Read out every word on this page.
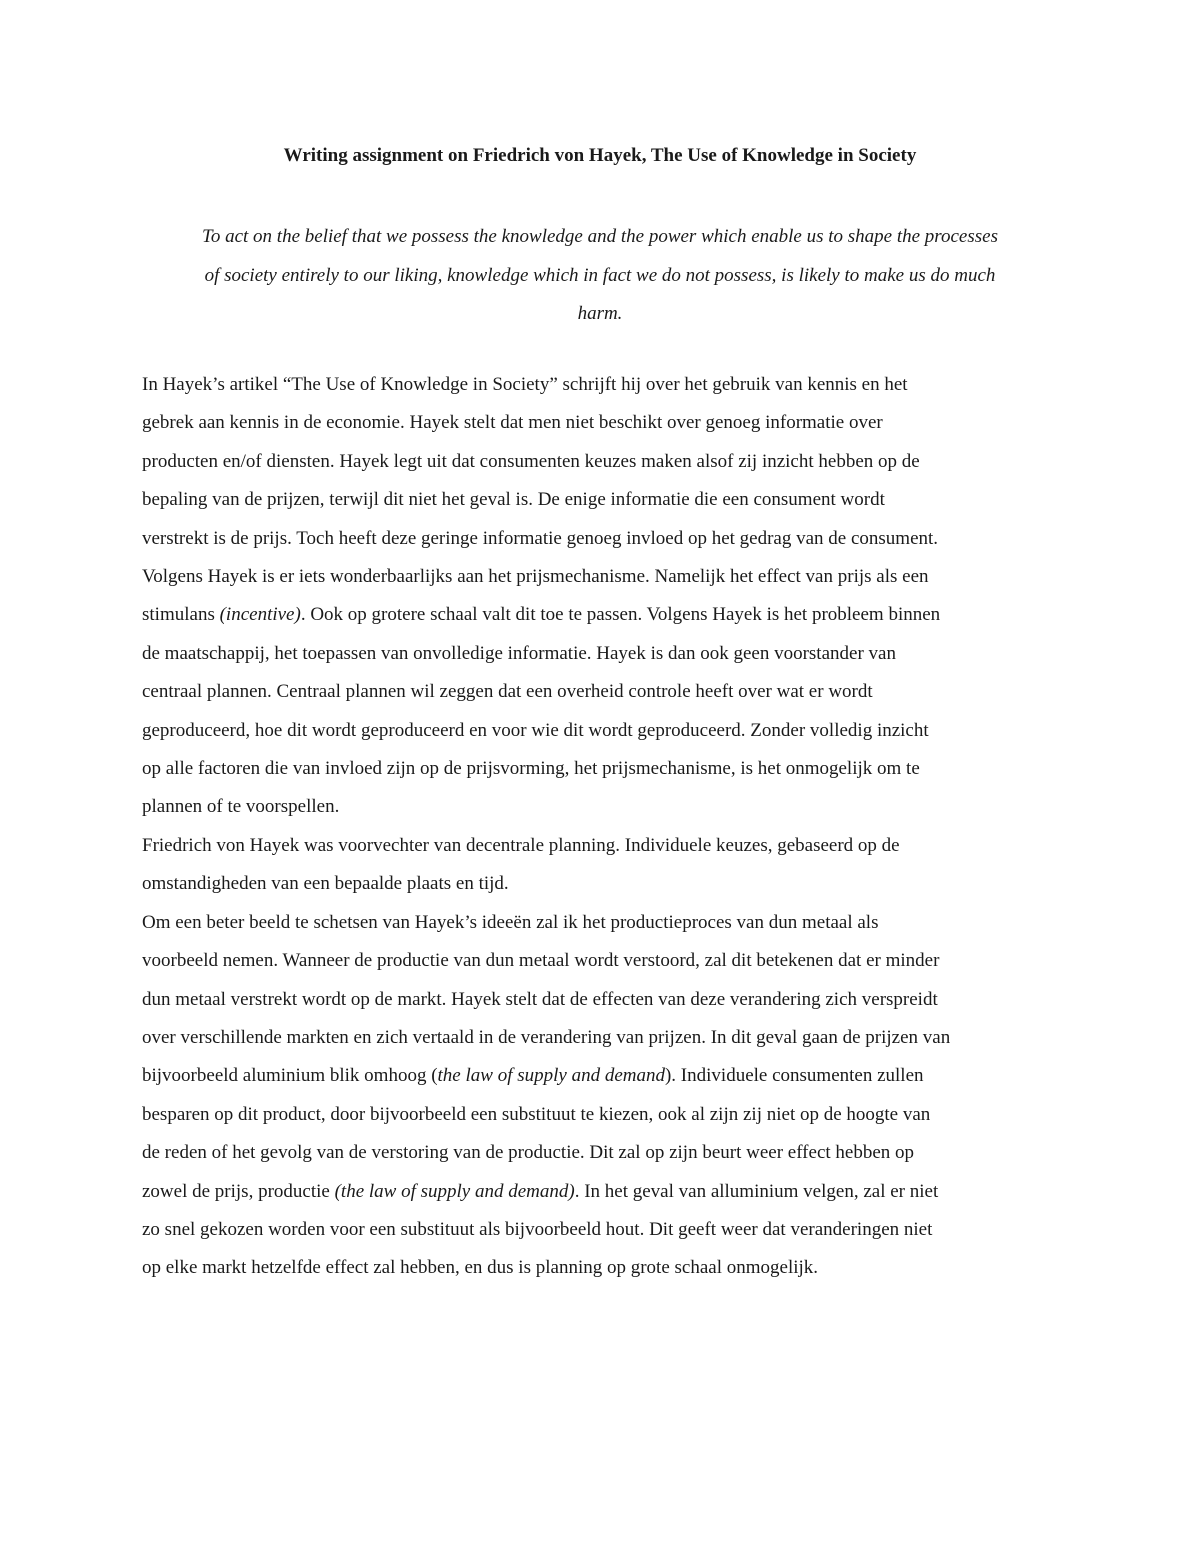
Writing assignment on Friedrich von Hayek, The Use of Knowledge in Society
To act on the belief that we possess the knowledge and the power which enable us to shape the processes
of society entirely to our liking, knowledge which in fact we do not possess, is likely to make us do much
harm.
In Hayek’s artikel “The Use of Knowledge in Society” schrijft hij over het gebruik van kennis en het
gebrek aan kennis in de economie. Hayek stelt dat men niet beschikt over genoeg informatie over
producten en/of diensten. Hayek legt uit dat consumenten keuzes maken alsof zij inzicht hebben op de
bepaling van de prijzen, terwijl dit niet het geval is. De enige informatie die een consument wordt
verstrekt is de prijs. Toch heeft deze geringe informatie genoeg invloed op het gedrag van de consument.
Volgens Hayek is er iets wonderbaarlijks aan het prijsmechanisme. Namelijk het effect van prijs als een
stimulans (incentive). Ook op grotere schaal valt dit toe te passen. Volgens Hayek is het probleem binnen
de maatschappij, het toepassen van onvolledige informatie. Hayek is dan ook geen voorstander van
centraal plannen. Centraal plannen wil zeggen dat een overheid controle heeft over wat er wordt
geproduceerd, hoe dit wordt geproduceerd en voor wie dit wordt geproduceerd. Zonder volledig inzicht
op alle factoren die van invloed zijn op de prijsvorming, het prijsmechanisme, is het onmogelijk om te
plannen of te voorspellen.
Friedrich von Hayek was voorvechter van decentrale planning. Individuele keuzes, gebaseerd op de
omstandigheden van een bepaalde plaats en tijd.
Om een beter beeld te schetsen van Hayek’s ideeën zal ik het productieproces van dun metaal als
voorbeeld nemen. Wanneer de productie van dun metaal wordt verstoord, zal dit betekenen dat er minder
dun metaal verstrekt wordt op de markt. Hayek stelt dat de effecten van deze verandering zich verspreidt
over verschillende markten en zich vertaald in de verandering van prijzen. In dit geval gaan de prijzen van
bijvoorbeeld aluminium blik omhoog (the law of supply and demand). Individuele consumenten zullen
besparen op dit product, door bijvoorbeeld een substituut te kiezen, ook al zijn zij niet op de hoogte van
de reden of het gevolg van de verstoring van de productie. Dit zal op zijn beurt weer effect hebben op
zowel de prijs, productie (the law of supply and demand). In het geval van alluminium velgen, zal er niet
zo snel gekozen worden voor een substituut als bijvoorbeeld hout. Dit geeft weer dat veranderingen niet
op elke markt hetzelfde effect zal hebben, en dus is planning op grote schaal onmogelijk.
